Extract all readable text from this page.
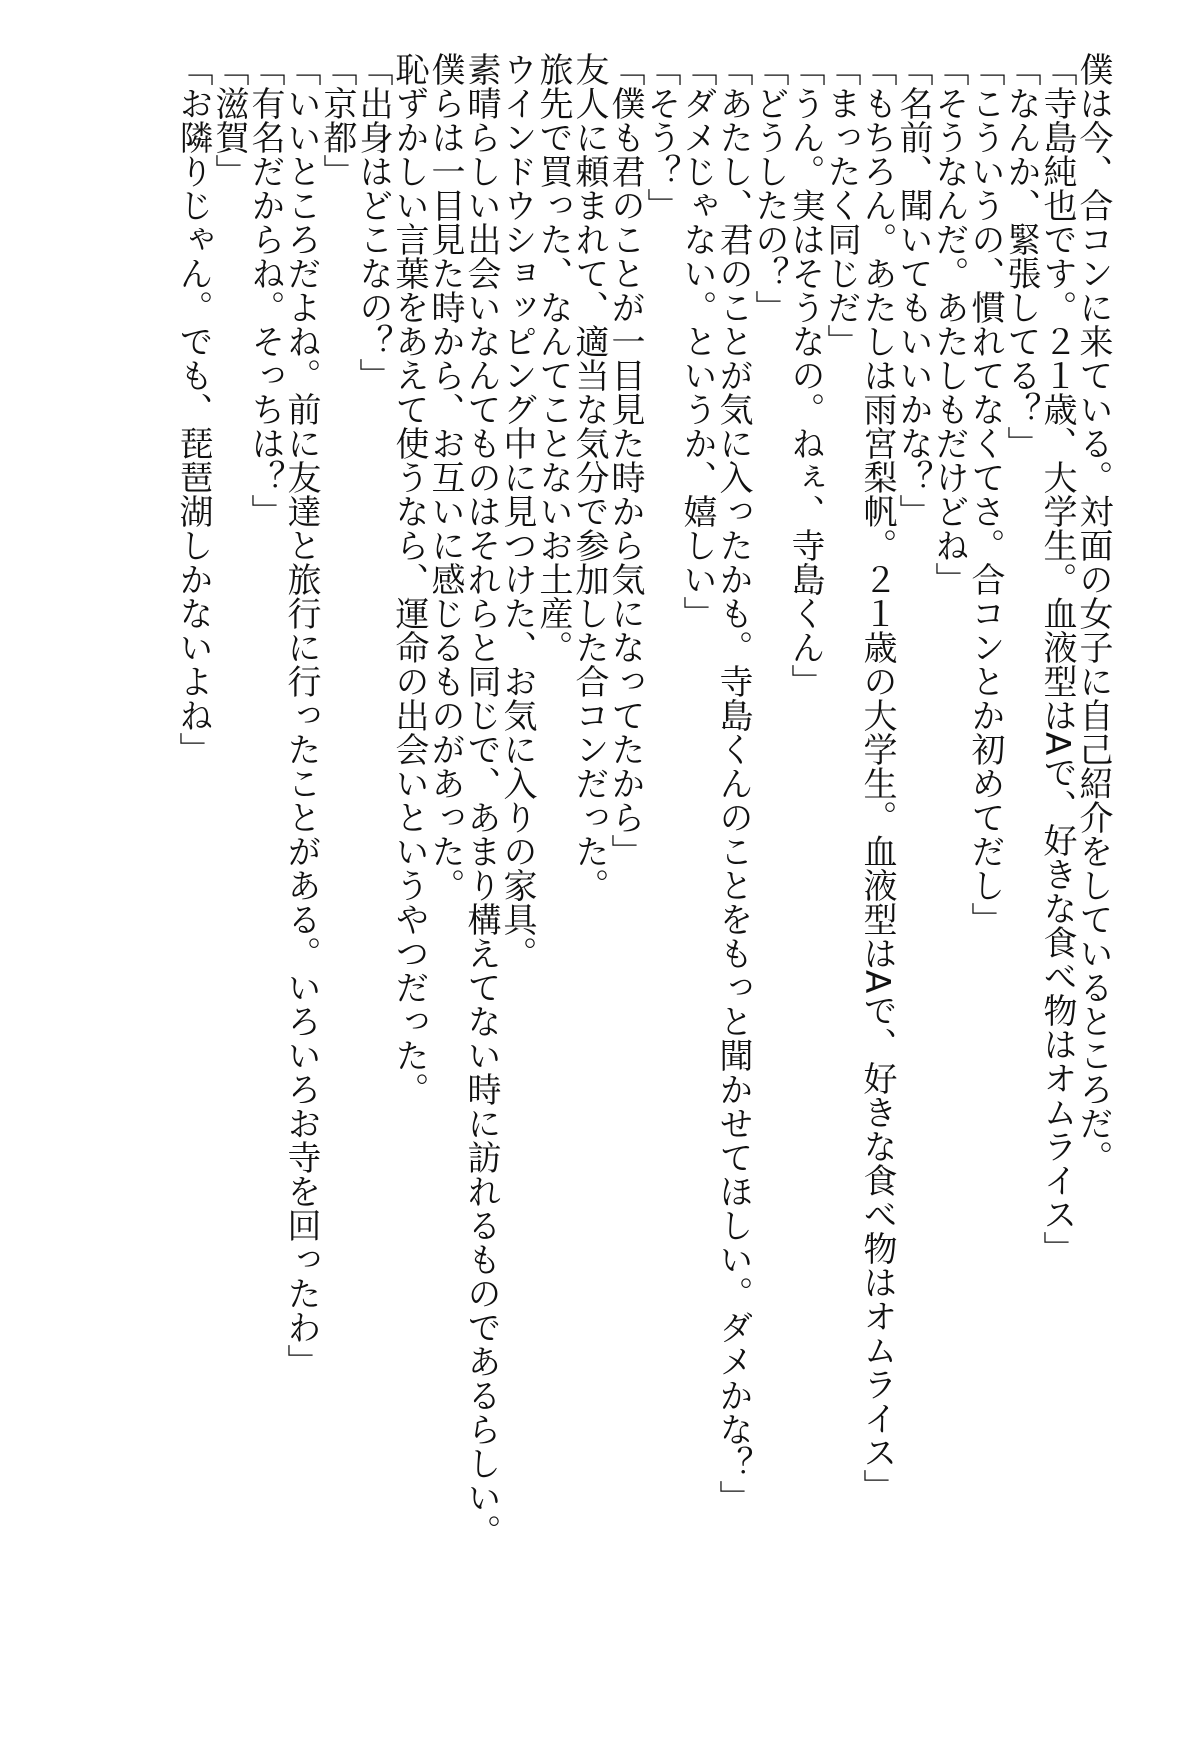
僕は今、合コンに来ている。対面の女子に自己紹介をしているところだ。
「寺島純也です。２１歳、大学生。血液型はAで、好きな食べ物はオムライス」
「なんか、緊張してる？」
「こういうの、慣れてなくてさ。合コンとか初めてだし」
「そうなんだ。あたしもだけどね」
「名前、聞いてもいいかな？」
「もちろん。あたしは雨宮梨帆。２１歳の大学生。血液型はAで、好きな食べ物はオムライス」
「まったく同じだ」
「うん。実はそうなの。ねぇ、寺島くん」
「どうしたの？」
「あたし、君のことが気に入ったかも。寺島くんのことをもっと聞かせてほしい。ダメかな？」
「ダメじゃない。というか、嬉しい」
「そう？」
「僕も君のことが一目見た時から気になってたから」
友人に頼まれて、適当な気分で参加した合コンだった。
旅先で買った、なんてことないお土産。
ウインドウショッピング中に見つけた、お気に入りの家具。
素晴らしい出会いなんてものはそれらと同じで、あまり構えてない時に訪れるものであるらしい。
僕らは一目見た時から、お互いに感じるものがあった。
恥ずかしい言葉をあえて使うなら、運命の出会いというやつだった。
「出身はどこなの？」
「京都」
「いいところだよね。前に友達と旅行に行ったことがある。いろいろお寺を回ったわ」
「有名だからね。そっちは？」
「滋賀」
「お隣りじゃん。でも、琵琶湖しかないよね」
